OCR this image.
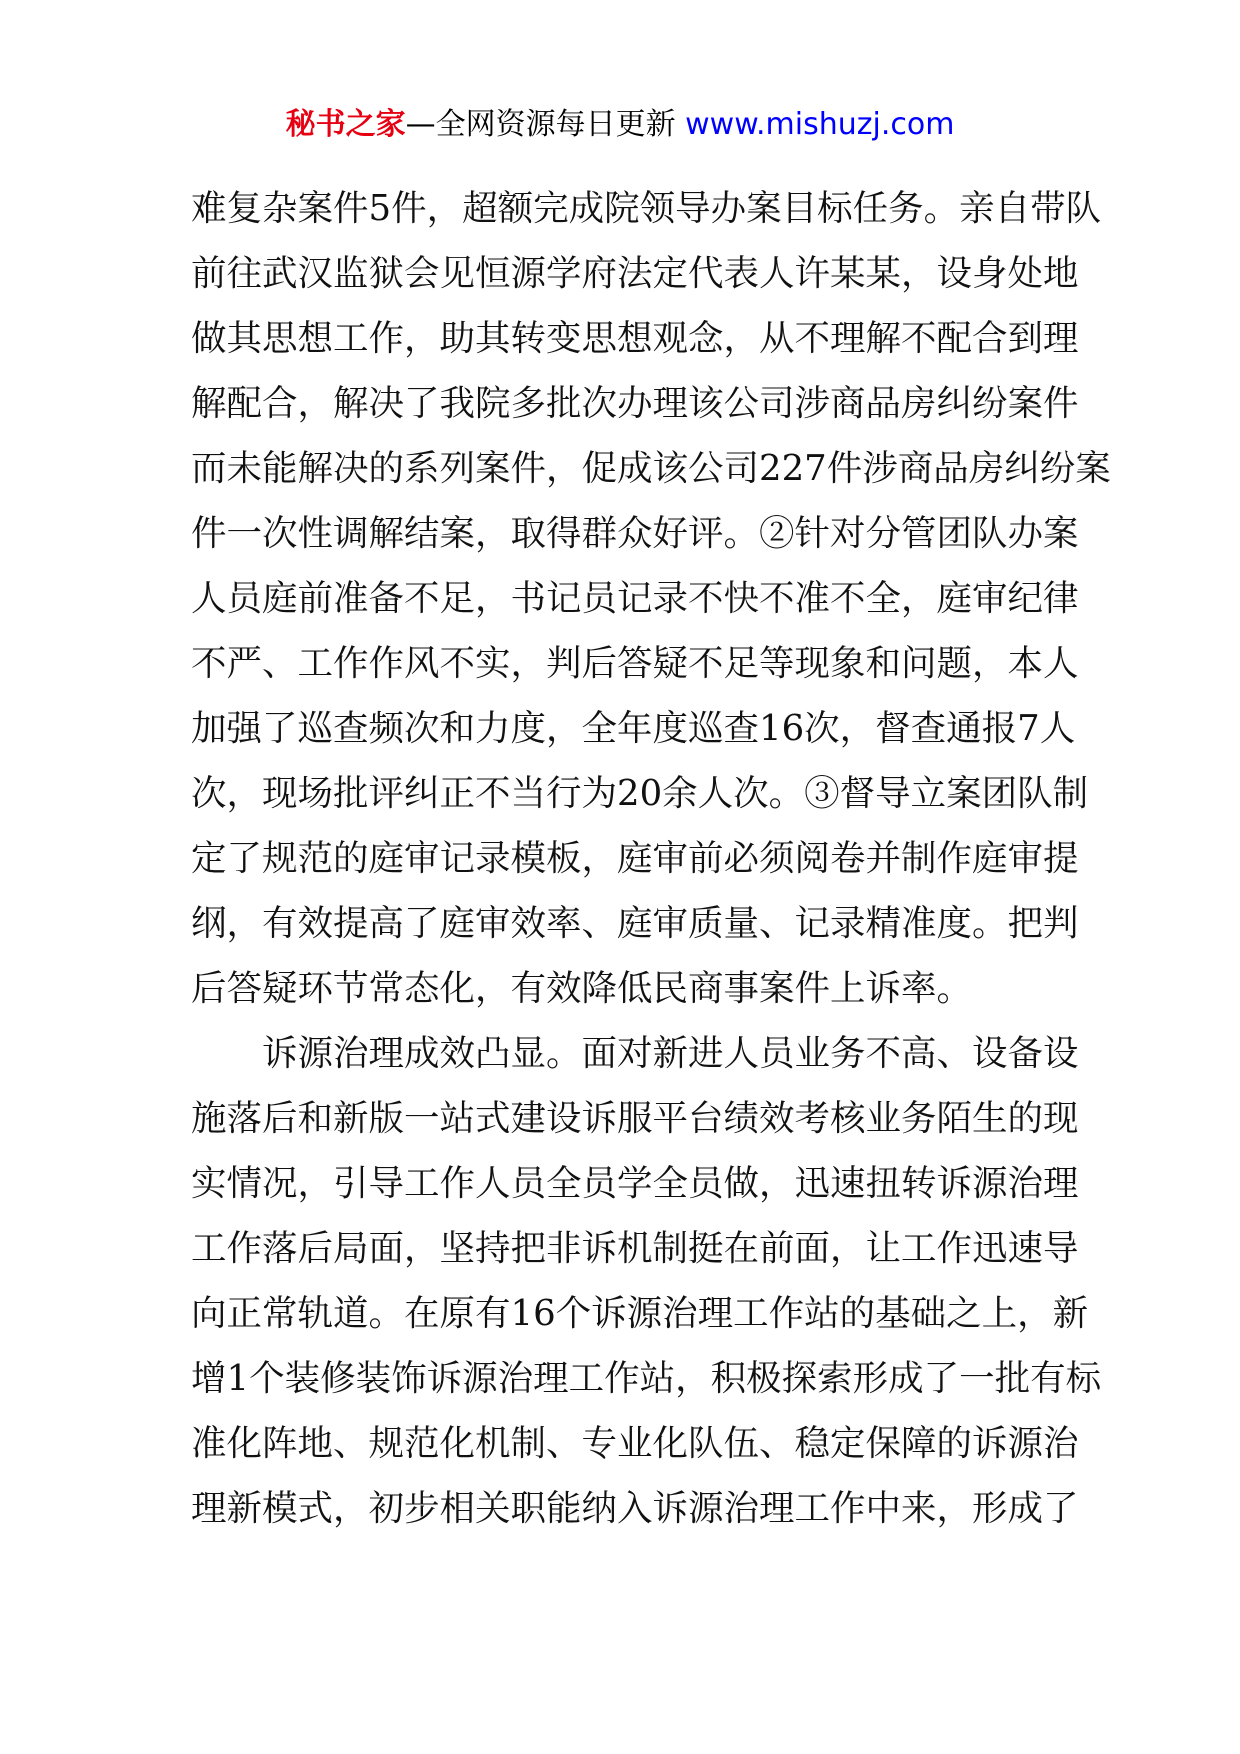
秘书之家—全网资源每日更新 www.mishuzj.com
难复杂案件5件，超额完成院领导办案目标任务。亲自带队
前往武汉监狱会见恒源学府法定代表人许某某，设身处地
做其思想工作，助其转变思想观念，从不理解不配合到理
解配合，解决了我院多批次办理该公司涉商品房纠纷案件
而未能解决的系列案件，促成该公司227件涉商品房纠纷案
件一次性调解结案，取得群众好评。②针对分管团队办案
人员庭前准备不足，书记员记录不快不准不全，庭审纪律
不严、工作作风不实，判后答疑不足等现象和问题，本人
加强了巡查频次和力度，全年度巡查16次，督查通报7人
次，现场批评纠正不当行为20余人次。③督导立案团队制
定了规范的庭审记录模板，庭审前必须阅卷并制作庭审提
纲，有效提高了庭审效率、庭审质量、记录精准度。把判
后答疑环节常态化，有效降低民商事案件上诉率。
诉源治理成效凸显。面对新进人员业务不高、设备设
施落后和新版一站式建设诉服平台绩效考核业务陌生的现
实情况，引导工作人员全员学全员做，迅速扭转诉源治理
工作落后局面，坚持把非诉机制挺在前面，让工作迅速导
向正常轨道。在原有16个诉源治理工作站的基础之上，新
增1个装修装饰诉源治理工作站，积极探索形成了一批有标
准化阵地、规范化机制、专业化队伍、稳定保障的诉源治
理新模式，初步相关职能纳入诉源治理工作中来，形成了
